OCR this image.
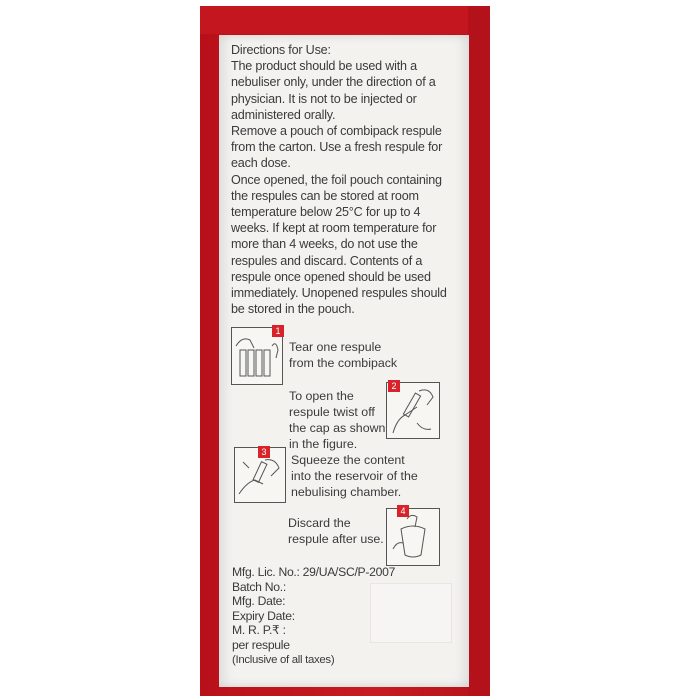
Directions for Use:

The product should be used with a nebuliser only, under the direction of a physician. It is not to be injected or administered orally.

Remove a pouch of combipack respule from the carton. Use a fresh respule for each dose.

Once opened, the foil pouch containing the respules can be stored at room temperature below 25°C for up to 4 weeks. If kept at room temperature for more than 4 weeks, do not use the respules and discard. Contents of a respule once opened should be used immediately. Unopened respules should be stored in the pouch.

1
Tear one respule from the combipack
To open the respule twist off the cap as shown in the figure.
2
3
Squeeze the content into the reservoir of the nebulising chamber.
Discard the respule after use.
4
Mfg. Lic. No.: 29/UA/SC/P-2007
Batch No.:
Mfg. Date:
Expiry Date:
M. R. P.₹ :
per respule
(Inclusive of all taxes)
